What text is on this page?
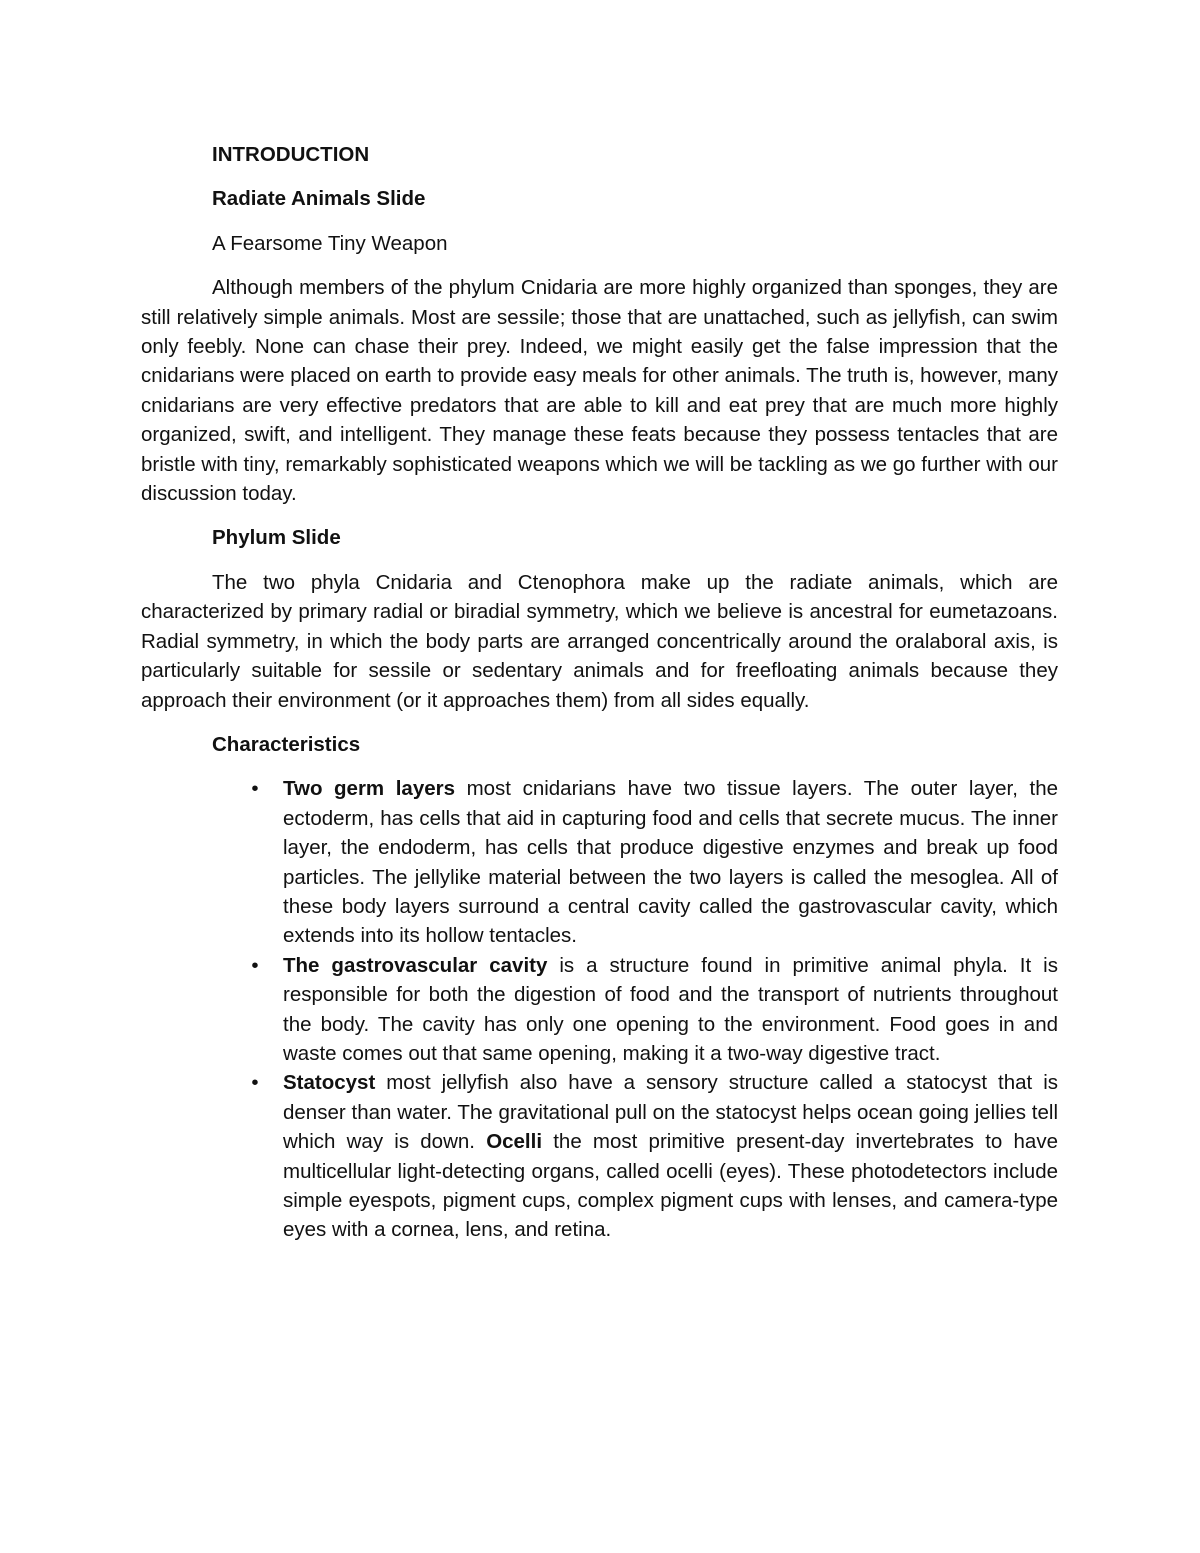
INTRODUCTION
Radiate Animals Slide
A Fearsome Tiny Weapon

Although members of the phylum Cnidaria are more highly organized than sponges, they are still relatively simple animals. Most are sessile; those that are unattached, such as jellyfish, can swim only feebly. None can chase their prey. Indeed, we might easily get the false impression that the cnidarians were placed on earth to provide easy meals for other animals. The truth is, however, many cnidarians are very effective predators that are able to kill and eat prey that are much more highly organized, swift, and intelligent. They manage these feats because they possess tentacles that are bristle with tiny, remarkably sophisticated weapons which we will be tackling as we go further with our discussion today.

Phylum Slide

The two phyla Cnidaria and Ctenophora make up the radiate animals, which are characterized by primary radial or biradial symmetry, which we believe is ancestral for eumetazoans. Radial symmetry, in which the body parts are arranged concentrically around the oralaboral axis, is particularly suitable for sessile or sedentary animals and for freefloating animals because they approach their environment (or it approaches them) from all sides equally.

Characteristics
• Two germ layers most cnidarians have two tissue layers. The outer layer, the ectoderm, has cells that aid in capturing food and cells that secrete mucus. The inner layer, the endoderm, has cells that produce digestive enzymes and break up food particles. The jellylike material between the two layers is called the mesoglea. All of these body layers surround a central cavity called the gastrovascular cavity, which extends into its hollow tentacles.
• The gastrovascular cavity is a structure found in primitive animal phyla. It is responsible for both the digestion of food and the transport of nutrients throughout the body. The cavity has only one opening to the environment. Food goes in and waste comes out that same opening, making it a two-way digestive tract.
• Statocyst most jellyfish also have a sensory structure called a statocyst that is denser than water. The gravitational pull on the statocyst helps ocean going jellies tell which way is down. Ocelli the most primitive present-day invertebrates to have multicellular light-detecting organs, called ocelli (eyes). These photodetectors include simple eyespots, pigment cups, complex pigment cups with lenses, and camera-type eyes with a cornea, lens, and retina.
